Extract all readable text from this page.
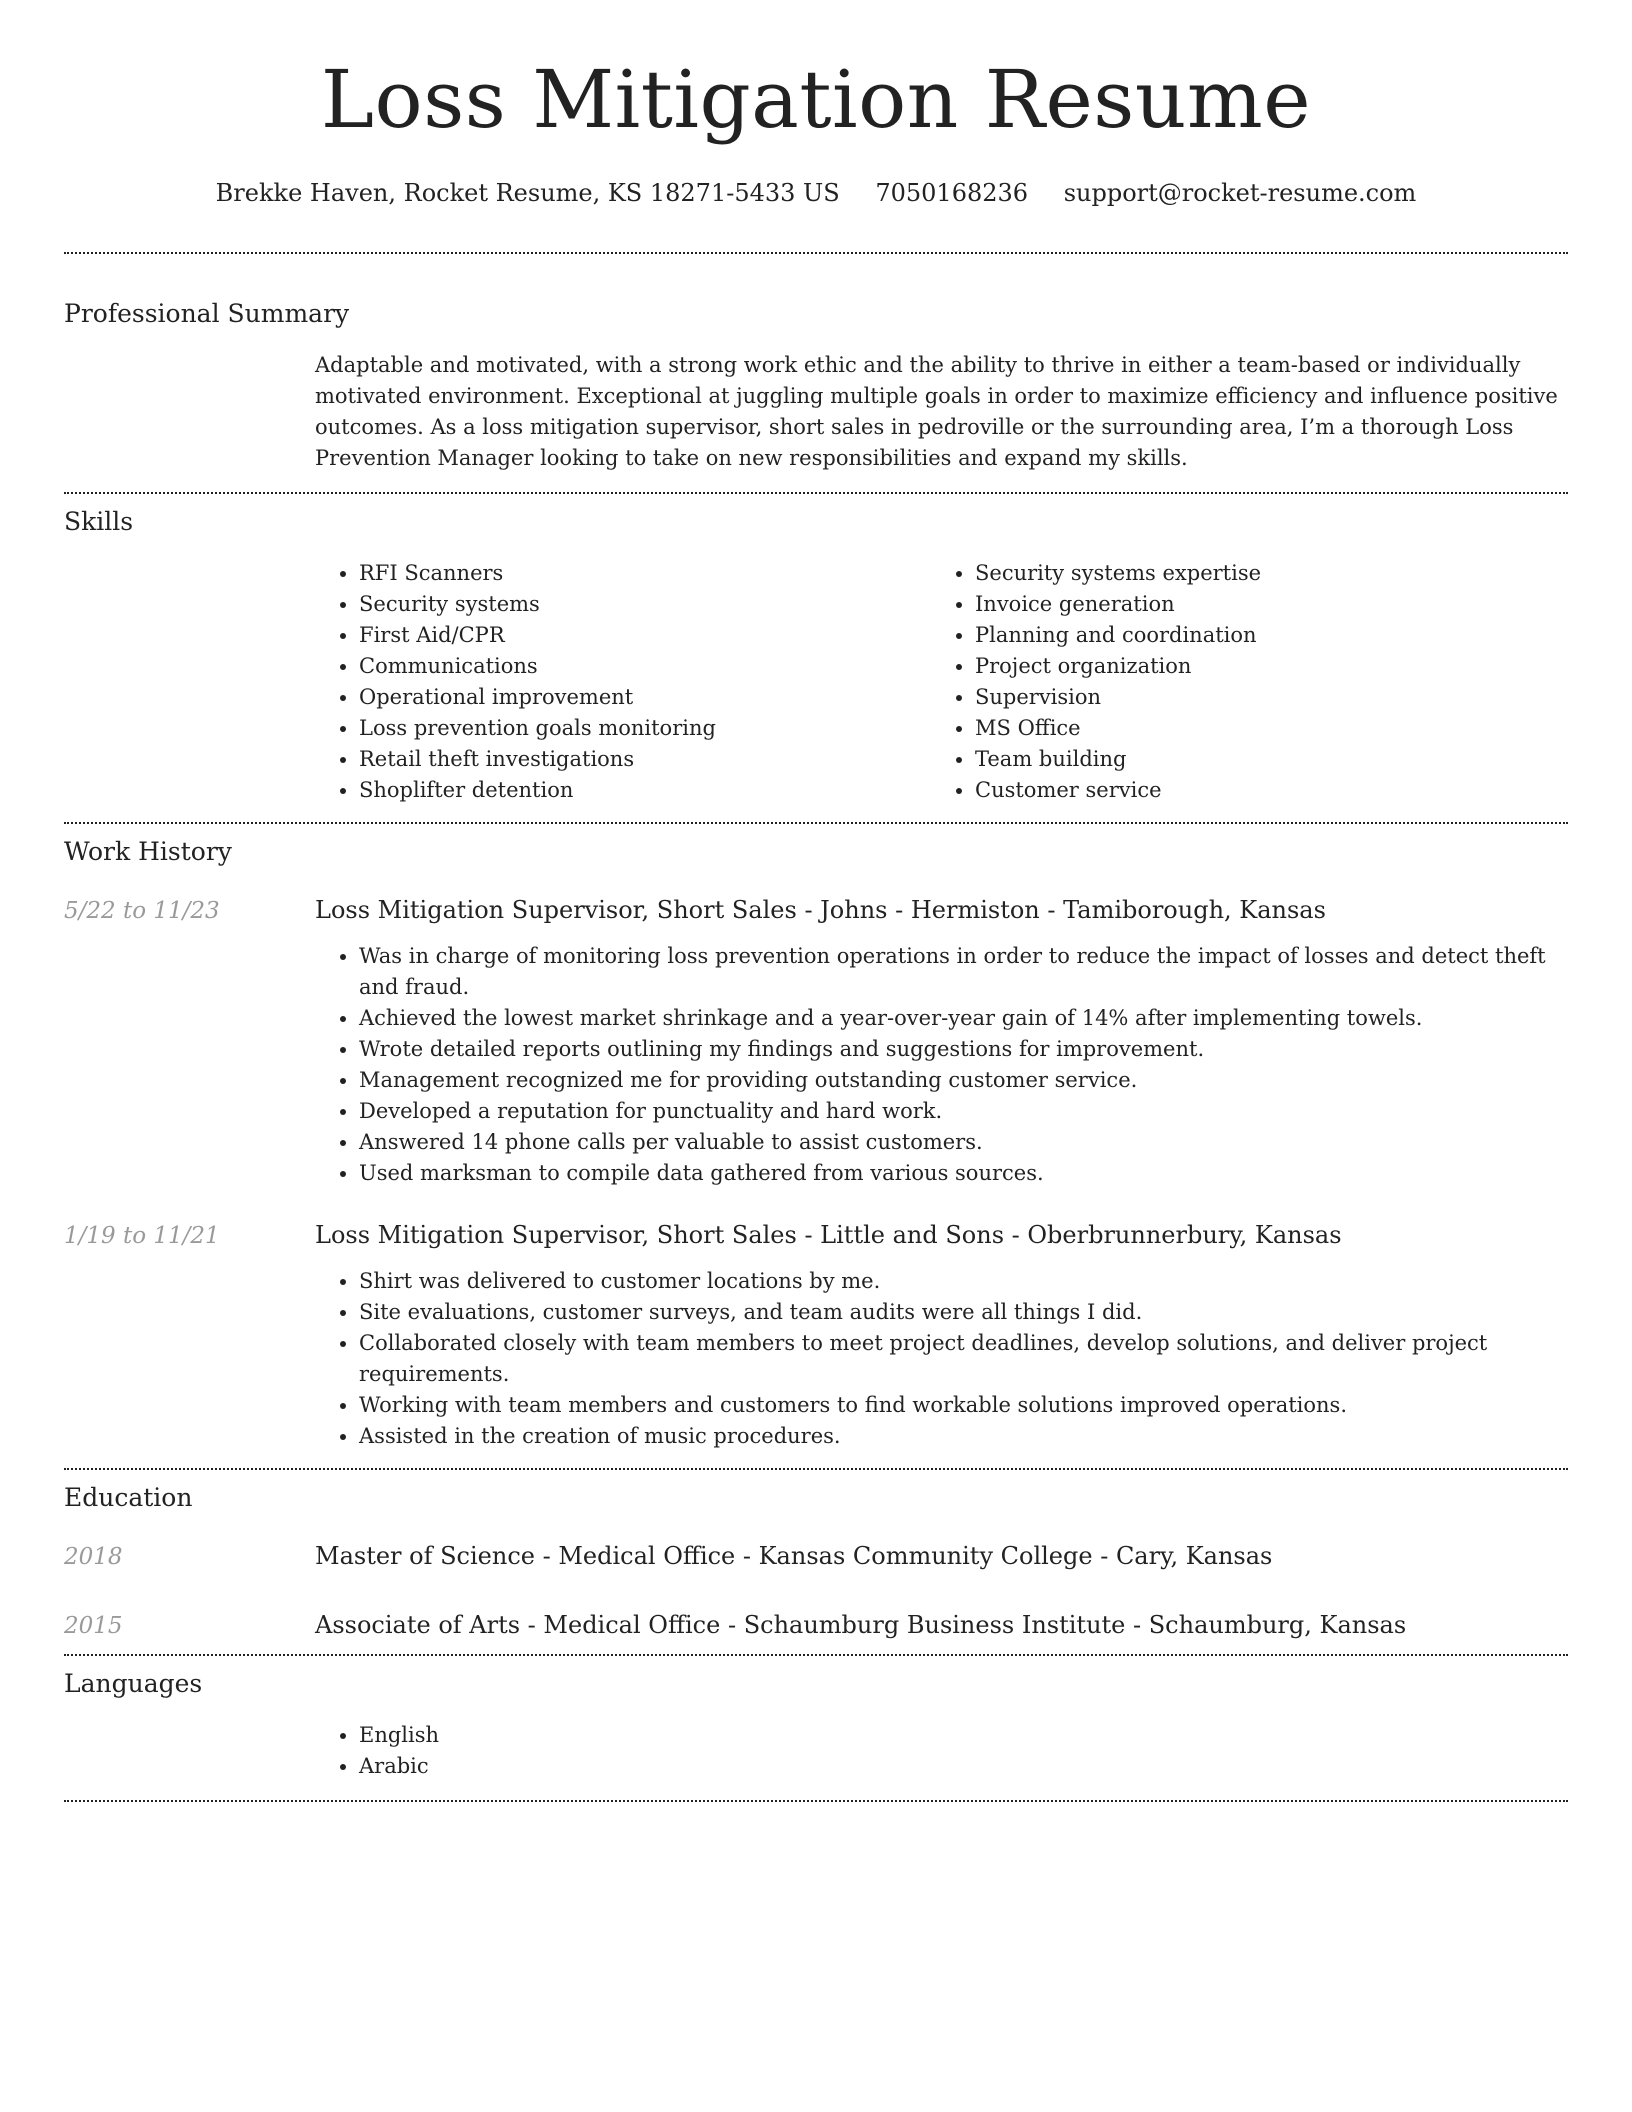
Loss Mitigation Resume
Brekke Haven, Rocket Resume, KS 18271-5433 US 7050168236 support@rocket-resume.com
Professional Summary

Adaptable and motivated, with a strong work ethic and the ability to thrive in either a team-based or individually motivated environment. Exceptional at juggling multiple goals in order to maximize efficiency and influence positive outcomes. As a loss mitigation supervisor, short sales in pedroville or the surrounding area, I’m a thorough Loss Prevention Manager looking to take on new responsibilities and expand my skills.

Skills
• RFI Scanners
• Security systems
• First Aid/CPR
• Communications
• Operational improvement
• Loss prevention goals monitoring
• Retail theft investigations
• Shoplifter detention
• Security systems expertise
• Invoice generation
• Planning and coordination
• Project organization
• Supervision
• MS Office
• Team building
• Customer service
Work History
5/22 to 11/23	Loss Mitigation Supervisor, Short Sales - Johns - Hermiston - Tamiborough, Kansas
• Was in charge of monitoring loss prevention operations in order to reduce the impact of losses and detect theft and fraud.
• Achieved the lowest market shrinkage and a year-over-year gain of 14% after implementing towels.
• Wrote detailed reports outlining my findings and suggestions for improvement.
• Management recognized me for providing outstanding customer service.
• Developed a reputation for punctuality and hard work.
• Answered 14 phone calls per valuable to assist customers.
• Used marksman to compile data gathered from various sources.
1/19 to 11/21	Loss Mitigation Supervisor, Short Sales - Little and Sons - Oberbrunnerbury, Kansas
• Shirt was delivered to customer locations by me.
• Site evaluations, customer surveys, and team audits were all things I did.
• Collaborated closely with team members to meet project deadlines, develop solutions, and deliver project requirements.
• Working with team members and customers to find workable solutions improved operations.
• Assisted in the creation of music procedures.
Education
2018	Master of Science - Medical Office - Kansas Community College - Cary, Kansas
2015	Associate of Arts - Medical Office - Schaumburg Business Institute - Schaumburg, Kansas
Languages
• English
• Arabic
